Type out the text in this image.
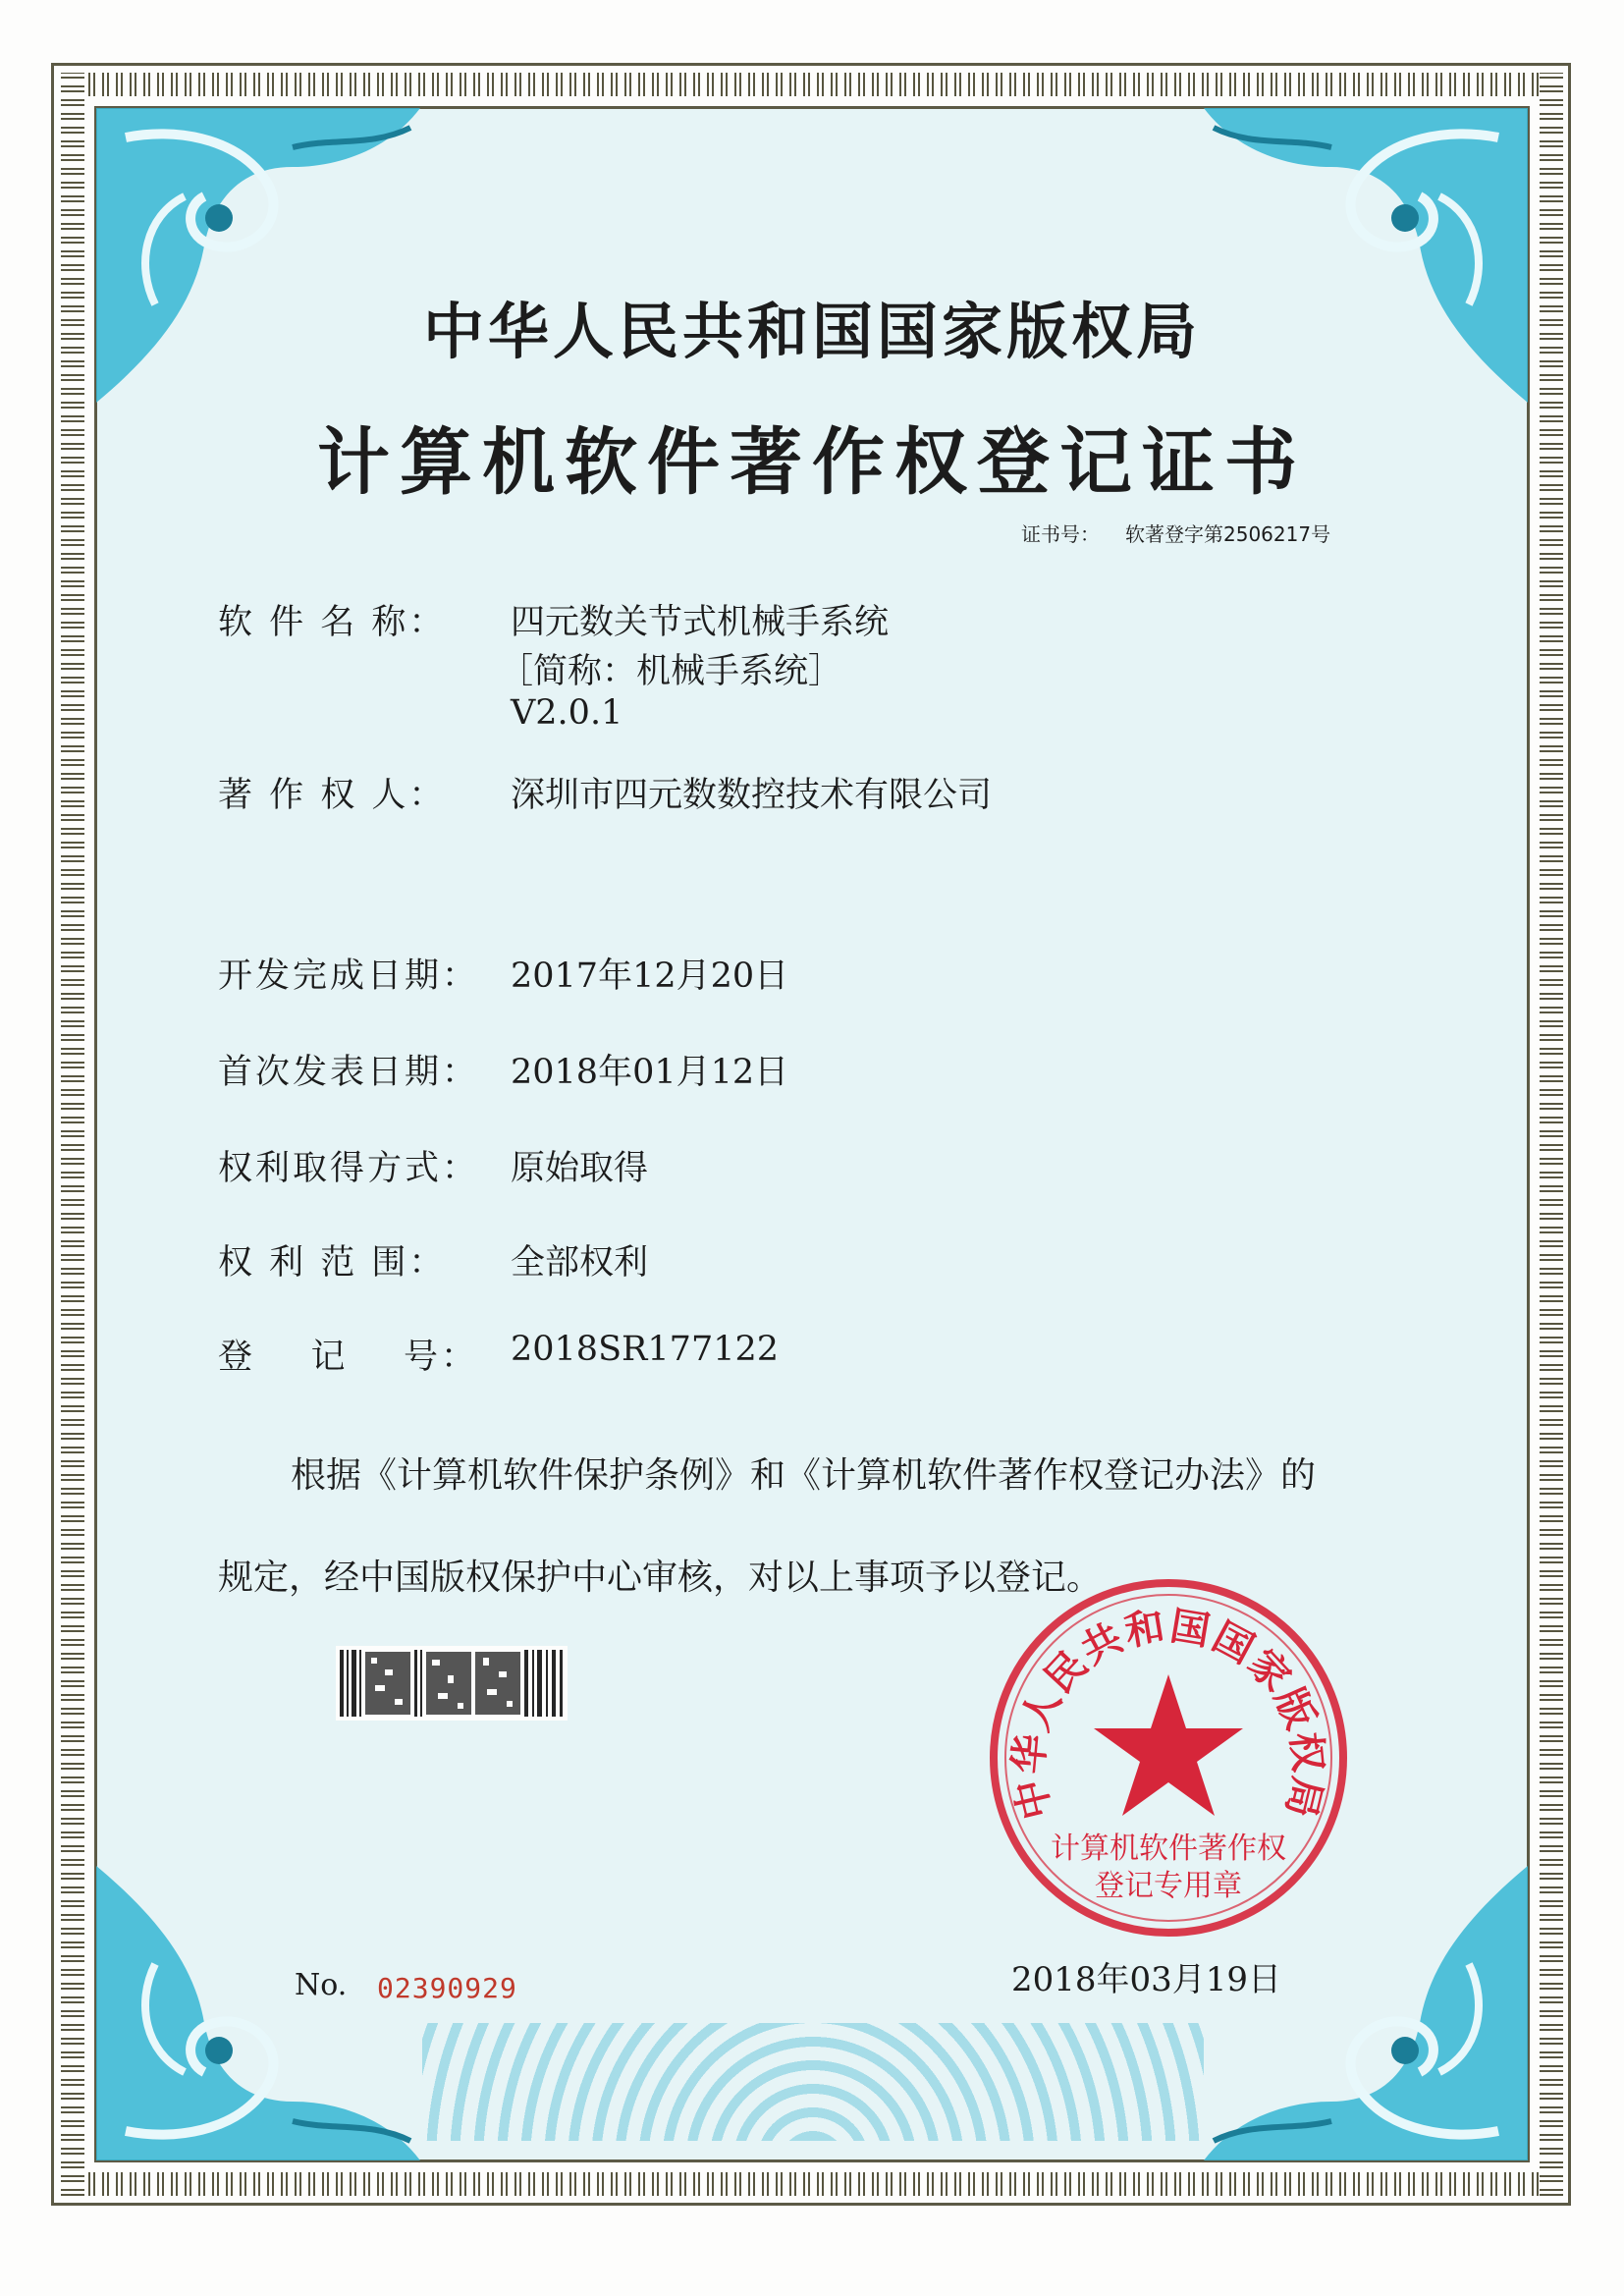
中华人民共和国国家版权局
计算机软件著作权登记证书
证书号： 软著登字第2506217号
软 件 名 称： 四元数关节式机械手系统
［简称：机械手系统］
V2.0.1
著 作 权 人： 深圳市四元数数控技术有限公司
开发完成日期： 2017年12月20日
首次发表日期： 2018年01月12日
权利取得方式： 原始取得
权 利 范 围： 全部权利
登    记    号： 2018SR177122
根据《计算机软件保护条例》和《计算机软件著作权登记办法》的
规定，经中国版权保护中心审核，对以上事项予以登记。
中华人民共和国国家版权局
计算机软件著作权
登记专用章
No. 02390929	2018年03月19日
